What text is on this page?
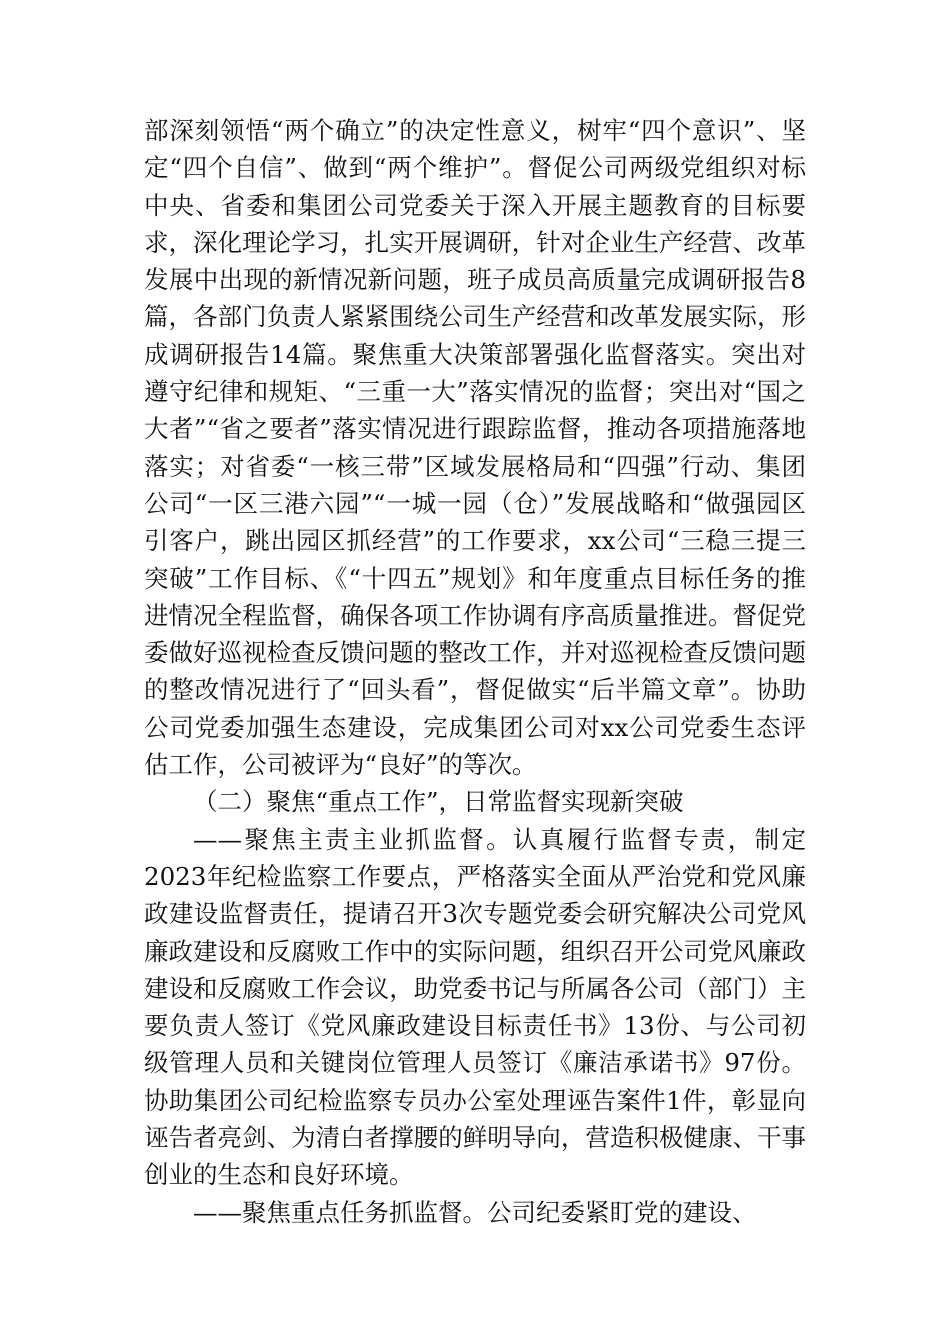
部深刻领悟“两个确立”的决定性意义，树牢“四个意识”、坚定“四个自信”、做到“两个维护”。督促公司两级党组织对标中央、省委和集团公司党委关于深入开展主题教育的目标要求，深化理论学习，扎实开展调研，针对企业生产经营、改革发展中出现的新情况新问题，班子成员高质量完成调研报告8篇，各部门负责人紧紧围绕公司生产经营和改革发展实际，形成调研报告14篇。聚焦重大决策部署强化监督落实。突出对遵守纪律和规矩、“三重一大”落实情况的监督；突出对“国之大者”“省之要者”落实情况进行跟踪监督，推动各项措施落地落实；对省委“一核三带”区域发展格局和“四强”行动、集团公司“一区三港六园”“一城一园（仓）”发展战略和“做强园区引客户，跳出园区抓经营”的工作要求，xx公司“三稳三提三突破”工作目标、《“十四五”规划》和年度重点目标任务的推进情况全程监督，确保各项工作协调有序高质量推进。督促党委做好巡视检查反馈问题的整改工作，并对巡视检查反馈问题的整改情况进行了“回头看”，督促做实“后半篇文章”。协助公司党委加强生态建设，完成集团公司对xx公司党委生态评估工作，公司被评为“良好”的等次。

（二）聚焦“重点工作”，日常监督实现新突破

——聚焦主责主业抓监督。认真履行监督专责，制定2023年纪检监察工作要点，严格落实全面从严治党和党风廉政建设监督责任，提请召开3次专题党委会研究解决公司党风廉政建设和反腐败工作中的实际问题，组织召开公司党风廉政建设和反腐败工作会议，助党委书记与所属各公司（部门）主要负责人签订《党风廉政建设目标责任书》13份、与公司初级管理人员和关键岗位管理人员签订《廉洁承诺书》97份。协助集团公司纪检监察专员办公室处理诬告案件1件，彰显向诬告者亮剑、为清白者撑腰的鲜明导向，营造积极健康、干事创业的生态和良好环境。

——聚焦重点任务抓监督。公司纪委紧盯党的建设、
